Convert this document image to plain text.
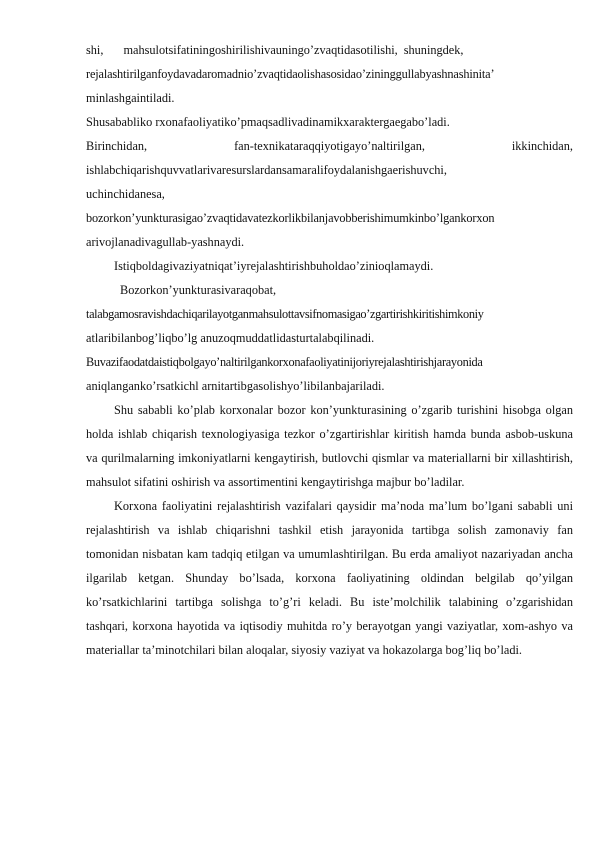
shi, mahsulotsifatiningoshirilishivauningo’zvaqtidasotilishi, shuningdek,
rejalashtirilganfoydavadaromadnio’zvaqtidaolishasosidao’zininggullabyashnashinita’
minlashgaintiladi.
Shusababliko rxonafaoliyatiko’pmaqsadlivadinamikxaraktergaegabo’ladi.
Birinchidan,	fan-texnikataraqqiyotigayo’naltirilgan,	ikkinchidan,
ishlabchiqarishquvvatlarivaresurslardansamaralifoydalanishgaerishuvchi,
uchinchidanesa,
bozorkon’yunkturasigao’zvaqtidavatezkorlikbilanjavobberishimumkinbo’lgankorxon
arivojlanadivagullab-yashnaydi.
Istiqboldagivaziyatniqat’iyrejalashtirishbuholdao’zinioqlamaydi.
Bozorkon’yunkturasivaraqobat,
talabgamosravishdachiqarilayotganmahsulottavsifnomasigao’zgartirishkiritishimkoniy
atlaribilanbog’liqbo’lg anuzoqmuddatlidasturtalabqilinadi.
Buvazifaodatdaistiqbolgayo’naltirilgankorxonafaoliyatinijoriyrejalashtirishjarayonida
aniqlanganko’rsatkichl arnitartibgasolishyo’libilanbajariladi.

Shu sababli ko’plab korxonalar bozor kon’yunkturasining o’zgarib turishini hisobga olgan holda ishlab chiqarish texnologiyasiga tezkor o’zgartirishlar kiritish hamda bunda asbob-uskuna va qurilmalarning imkoniyatlarni kengaytirish, butlovchi qismlar va materiallarni bir xillashtirish, mahsulot sifatini oshirish va assortimentini kengaytirishga majbur bo’ladilar.

Korxona faoliyatini rejalashtirish vazifalari qaysidir ma’noda ma’lum bo’lgani sababli uni rejalashtirish va ishlab chiqarishni tashkil etish jarayonida tartibga solish zamonaviy fan tomonidan nisbatan kam tadqiq etilgan va umumlashtirilgan. Bu erda amaliyot nazariyadan ancha ilgarilab ketgan. Shunday bo’lsada, korxona faoliyatining oldindan belgilab qo’yilgan ko’rsatkichlarini tartibga solishga to’g’ri keladi. Bu iste’molchilik talabining o’zgarishidan tashqari, korxona hayotida va iqtisodiy muhitda ro’y berayotgan yangi vaziyatlar, xom-ashyo va materiallar ta’minotchilari bilan aloqalar, siyosiy vaziyat va hokazolarga bog’liq bo’ladi.
